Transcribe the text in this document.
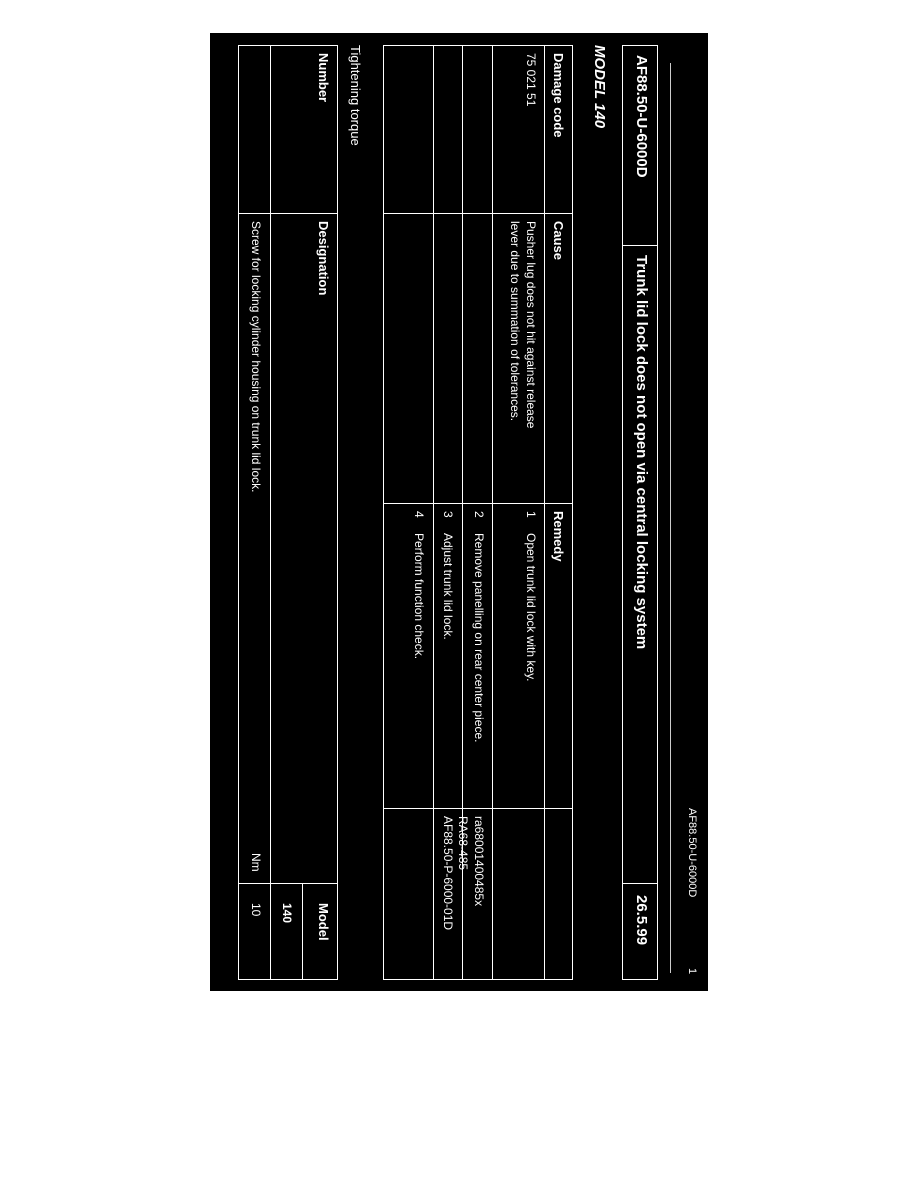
AF88.50-U-6000D
1
AF88.50-U-6000D
Trunk lid lock does not open via central locking system
26.5.99
MODEL 140
Damage code
Cause
Remedy
75 021 51
Pusher lug does not hit against release
lever due to summation of tolerances.
1
Open trunk lid lock with key.
2
Remove panelling on rear center piece.
ra68001400485x
RA68-485
3
Adjust trunk lid lock.
AF88.50-P-6000-01D
4
Perform function check.
Tightening torque
Number
Designation
Model
140
Screw for locking cylinder housing on trunk lid lock.
Nm
10
